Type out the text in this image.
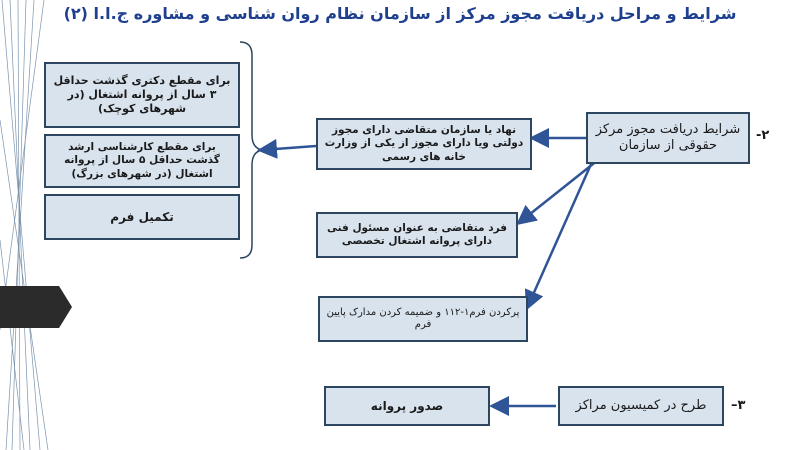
شرایط و مراحل دریافت مجوز مرکز از سازمان نظام روان شناسی و مشاوره ج.ا.ا (۲)
-۲
–۳
شرایط دریافت مجوز مرکز حقوقی از سازمان
نهاد یا سازمان متقاضی دارای مجوز دولتی ویا دارای مجوز از یکی از وزارت خانه های رسمی
فرد متقاضی به عنوان مسئول فنی دارای پروانه اشتغال تخصصی
پرکردن فرم۱-۱۱۲ و ضمیمه کردن مدارک پایین فرم
برای مقطع دکتری گذشت حداقل ۳ سال از پروانه اشتغال (در شهرهای کوچک)
برای مقطع کارشناسی ارشد گذشت حداقل ۵ سال از پروانه اشتغال (در شهرهای بزرگ)
تکمیل فرم
طرح در کمیسیون مراکز
صدور پروانه
